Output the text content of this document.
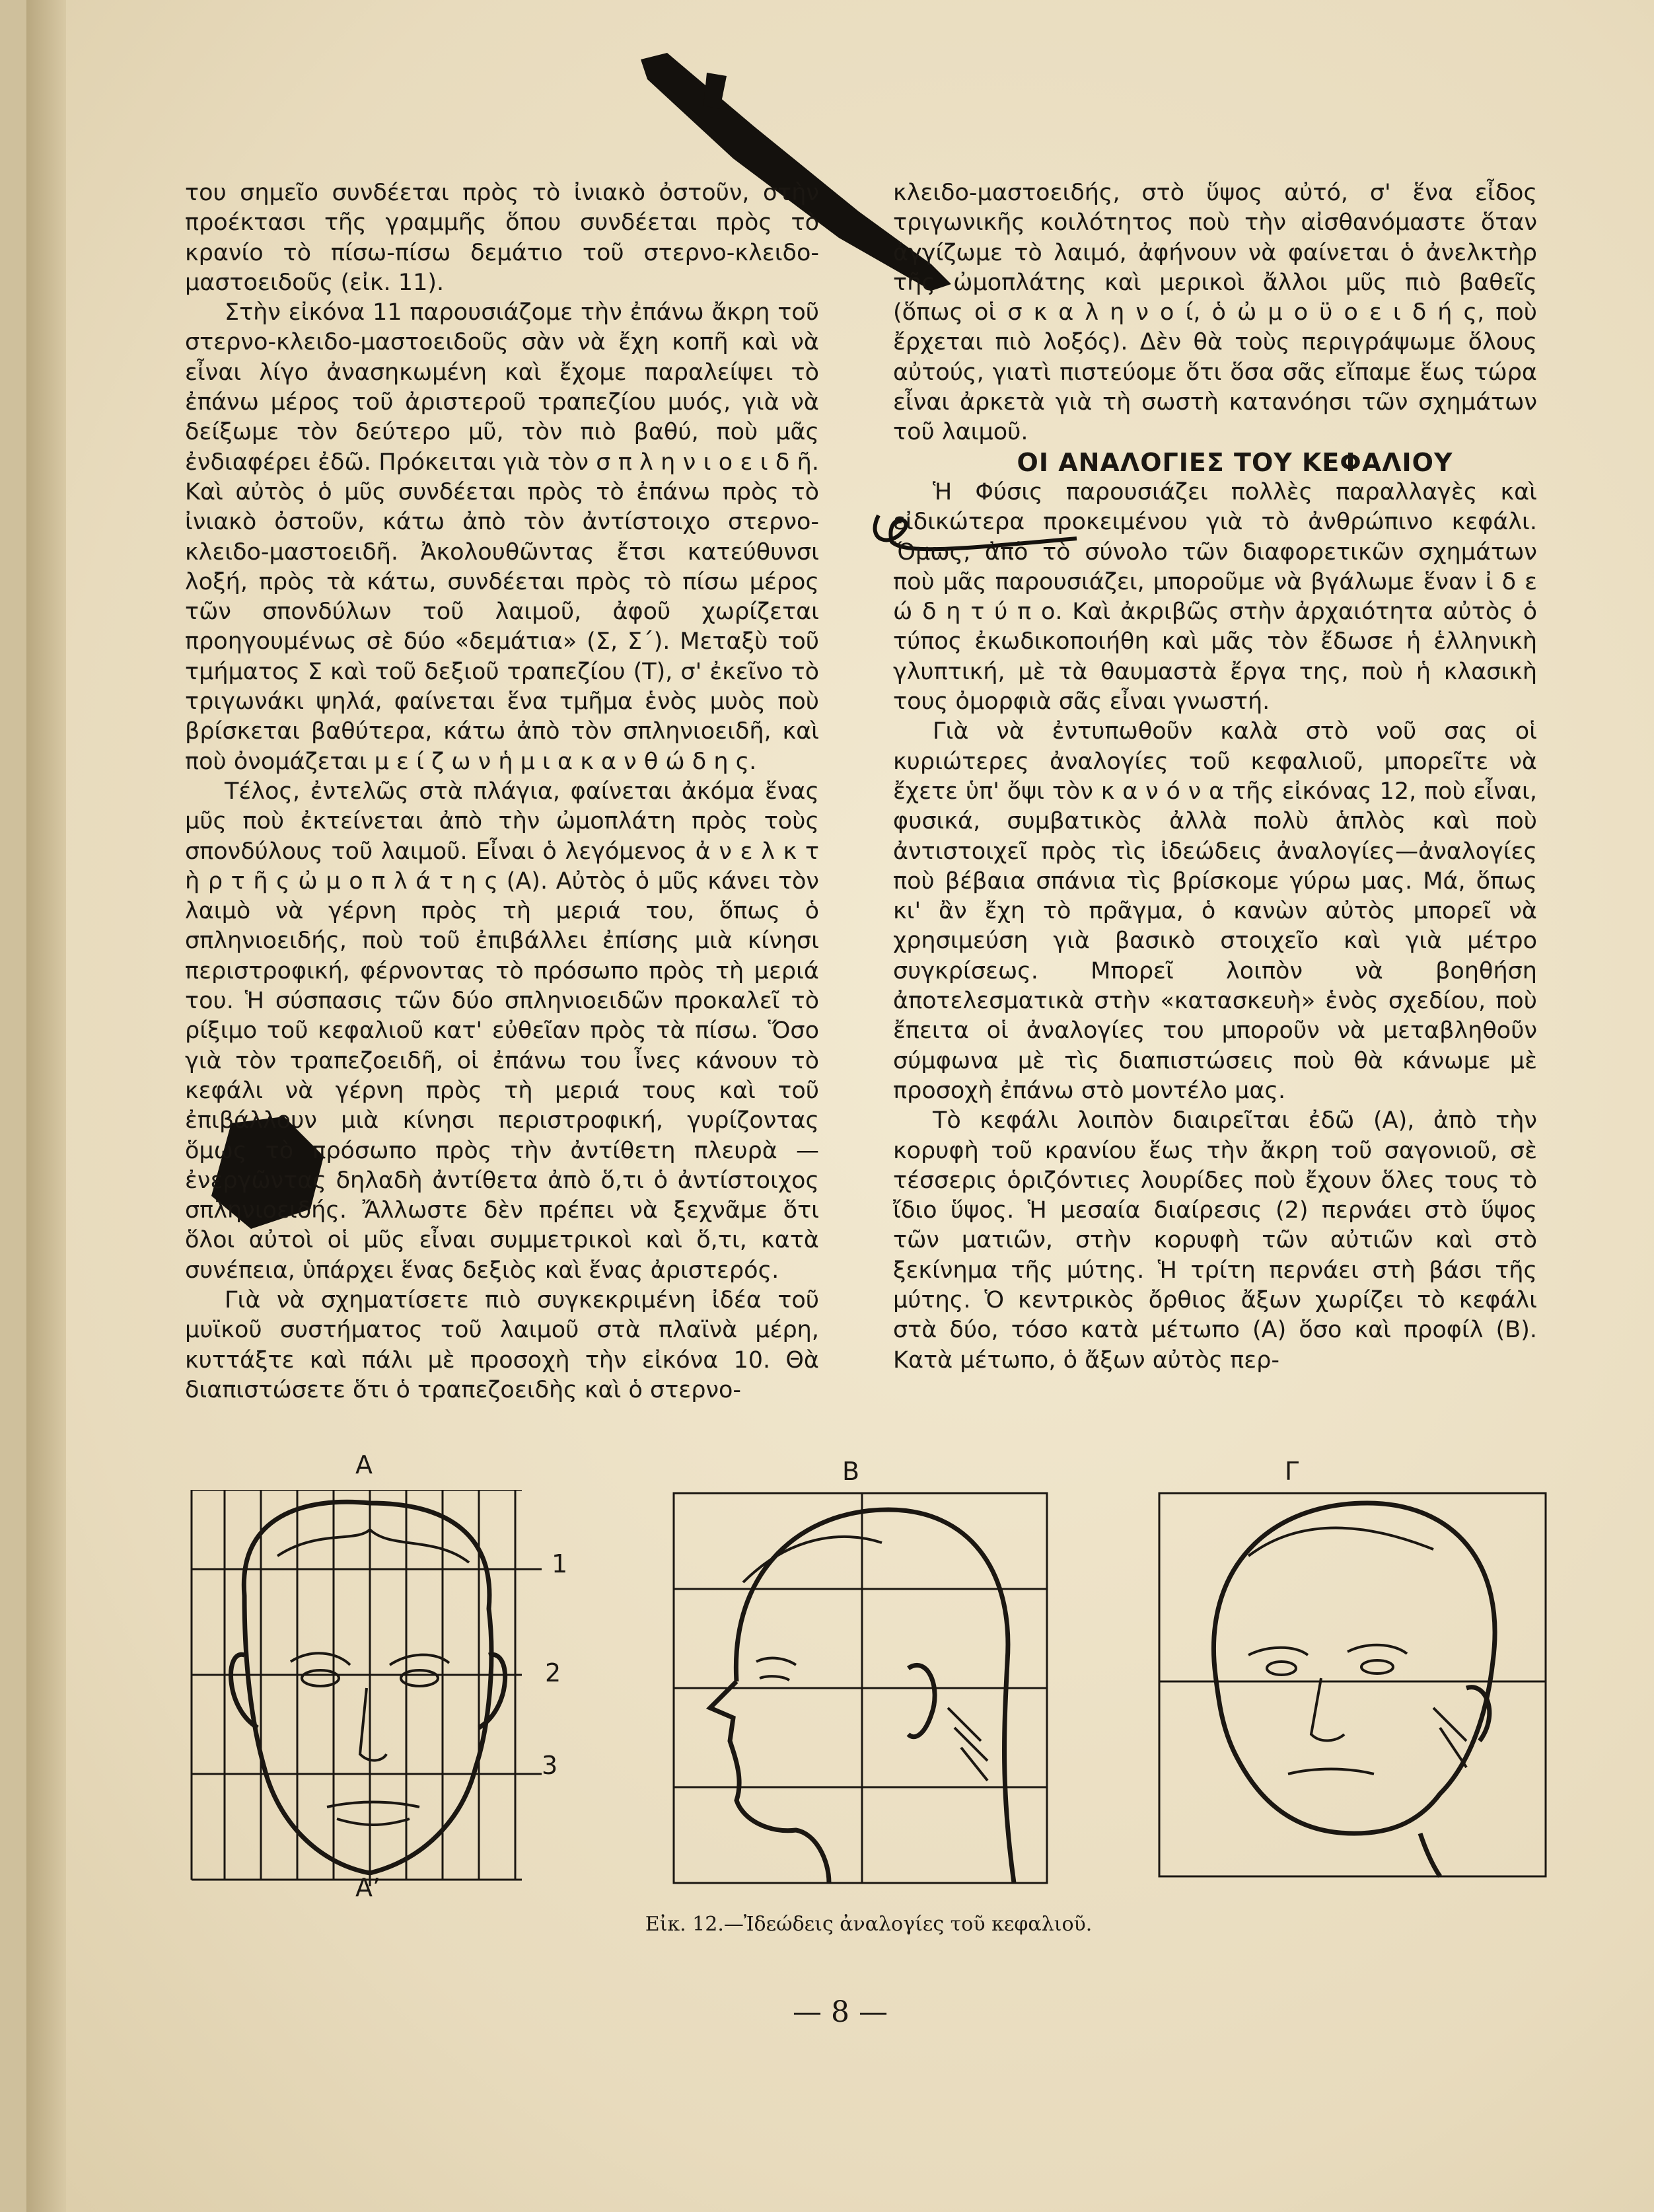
του σημεῖο συνδέεται πρὸς τὸ ἰνιακὸ ὀστοῦν, στὴν προέκτασι τῆς γραμμῆς ὅπου συνδέεται πρὸς τὸ κρανίο τὸ πίσω-πίσω δεμάτιο τοῦ στερνο-κλειδο-μαστοειδοῦς (εἰκ. 11).

Στὴν εἰκόνα 11 παρουσιάζομε τὴν ἐπάνω ἄκρη τοῦ στερνο-κλειδο-μαστοειδοῦς σὰν νὰ ἔχη κοπῆ καὶ νὰ εἶναι λίγο ἀνασηκωμένη καὶ ἔχομε παραλείψει τὸ ἐπάνω μέρος τοῦ ἀριστεροῦ τραπεζίου μυός, γιὰ νὰ δείξωμε τὸν δεύτερο μῦ, τὸν πιὸ βαθύ, ποὺ μᾶς ἐνδιαφέρει ἐδῶ. Πρόκειται γιὰ τὸν σ π λ η ν ι ο ε ι δ ῆ. Καὶ αὐτὸς ὁ μῦς συνδέεται πρὸς τὸ ἐπάνω πρὸς τὸ ἰνιακὸ ὀστοῦν, κάτω ἀπὸ τὸν ἀντίστοιχο στερνο-κλειδο-μαστοειδῆ. Ἀκολουθῶντας ἔτσι κατεύθυνσι λοξή, πρὸς τὰ κάτω, συνδέεται πρὸς τὸ πίσω μέρος τῶν σπονδύλων τοῦ λαιμοῦ, ἀφοῦ χωρίζεται προηγουμένως σὲ δύο «δεμάτια» (Σ, Σ΄). Μεταξὺ τοῦ τμήματος Σ καὶ τοῦ δεξιοῦ τραπεζίου (Τ), σ' ἐκεῖνο τὸ τριγωνάκι ψηλά, φαίνεται ἕνα τμῆμα ἑνὸς μυὸς ποὺ βρίσκεται βαθύτερα, κάτω ἀπὸ τὸν σπληνιοειδῆ, καὶ ποὺ ὀνομάζεται μ ε ί ζ ω ν ἡ μ ι α κ α ν θ ώ δ η ς.

Τέλος, ἐντελῶς στὰ πλάγια, φαίνεται ἀκόμα ἕνας μῦς ποὺ ἐκτείνεται ἀπὸ τὴν ὠμοπλάτη πρὸς τοὺς σπονδύλους τοῦ λαιμοῦ. Εἶναι ὁ λεγόμενος ἀ ν ε λ κ τ ὴ ρ τ ῆ ς ὠ μ ο π λ ά τ η ς (Α). Αὐτὸς ὁ μῦς κάνει τὸν λαιμὸ νὰ γέρνη πρὸς τὴ μεριά του, ὅπως ὁ σπληνιοειδής, ποὺ τοῦ ἐπιβάλλει ἐπίσης μιὰ κίνησι περιστροφική, φέρνοντας τὸ πρόσωπο πρὸς τὴ μεριά του. Ἡ σύσπασις τῶν δύο σπληνιοειδῶν προκαλεῖ τὸ ρίξιμο τοῦ κεφαλιοῦ κατ' εὐθεῖαν πρὸς τὰ πίσω. Ὅσο γιὰ τὸν τραπεζοειδῆ, οἱ ἐπάνω του ἶνες κάνουν τὸ κεφάλι νὰ γέρνη πρὸς τὴ μεριά τους καὶ τοῦ ἐπιβάλλουν μιὰ κίνησι περιστροφική, γυρίζοντας ὅμως τὸ πρόσωπο πρὸς τὴν ἀντίθετη πλευρὰ —ἐνεργῶντας δηλαδὴ ἀντίθετα ἀπὸ ὅ,τι ὁ ἀντίστοιχος σπληνιοειδής. Ἄλλωστε δὲν πρέπει νὰ ξεχνᾶμε ὅτι ὅλοι αὐτοὶ οἱ μῦς εἶναι συμμετρικοὶ καὶ ὅ,τι, κατὰ συνέπεια, ὑπάρχει ἕνας δεξιὸς καὶ ἕνας ἀριστερός.

Γιὰ νὰ σχηματίσετε πιὸ συγκεκριμένη ἰδέα τοῦ μυϊκοῦ συστήματος τοῦ λαιμοῦ στὰ πλαϊνὰ μέρη, κυττάξτε καὶ πάλι μὲ προσοχὴ τὴν εἰκόνα 10. Θὰ διαπιστώσετε ὅτι ὁ τραπεζοειδὴς καὶ ὁ στερνο-

κλειδο-μαστοειδής, στὸ ὕψος αὐτό, σ' ἕνα εἶδος τριγωνικῆς κοιλότητος ποὺ τὴν αἰσθανόμαστε ὅταν ἀγγίζωμε τὸ λαιμό, ἀφήνουν νὰ φαίνεται ὁ ἀνελκτὴρ τῆς ὠμοπλάτης καὶ μερικοὶ ἄλλοι μῦς πιὸ βαθεῖς (ὅπως οἱ σ κ α λ η ν ο ί, ὁ ὠ μ ο ϋ ο ε ι δ ή ς, ποὺ ἔρχεται πιὸ λοξός). Δὲν θὰ τοὺς περιγράψωμε ὅλους αὐτούς, γιατὶ πιστεύομε ὅτι ὅσα σᾶς εἴπαμε ἕως τώρα εἶναι ἀρκετὰ γιὰ τὴ σωστὴ κατανόησι τῶν σχημάτων τοῦ λαιμοῦ.

ΟΙ ΑΝΑΛΟΓΙΕΣ ΤΟΥ ΚΕΦΑΛΙΟΥ

Ἡ Φύσις παρουσιάζει πολλὲς παραλλαγὲς καὶ εἰδικώτερα προκειμένου γιὰ τὸ ἀνθρώπινο κεφάλι. Ὅμως, ἀπὸ τὸ σύνολο τῶν διαφορετικῶν σχημάτων ποὺ μᾶς παρουσιάζει, μποροῦμε νὰ βγάλωμε ἕναν ἰ δ ε ώ δ η τ ύ π ο. Καὶ ἀκριβῶς στὴν ἀρχαιότητα αὐτὸς ὁ τύπος ἐκωδικοποιήθη καὶ μᾶς τὸν ἔδωσε ἡ ἑλληνικὴ γλυπτική, μὲ τὰ θαυμαστὰ ἔργα της, ποὺ ἡ κλασικὴ τους ὀμορφιὰ σᾶς εἶναι γνωστή.

Γιὰ νὰ ἐντυπωθοῦν καλὰ στὸ νοῦ σας οἱ κυριώτερες ἀναλογίες τοῦ κεφαλιοῦ, μπορεῖτε νὰ ἔχετε ὑπ' ὄψι τὸν κ α ν ό ν α τῆς εἰκόνας 12, ποὺ εἶναι, φυσικά, συμβατικὸς ἀλλὰ πολὺ ἁπλὸς καὶ ποὺ ἀντιστοιχεῖ πρὸς τὶς ἰδεώδεις ἀναλογίες—ἀναλογίες ποὺ βέβαια σπάνια τὶς βρίσκομε γύρω μας. Μά, ὅπως κι' ἂν ἔχη τὸ πρᾶγμα, ὁ κανὼν αὐτὸς μπορεῖ νὰ χρησιμεύση γιὰ βασικὸ στοιχεῖο καὶ γιὰ μέτρο συγκρίσεως. Μπορεῖ λοιπὸν νὰ βοηθήση ἀποτελεσματικὰ στὴν «κατασκευὴ» ἑνὸς σχεδίου, ποὺ ἔπειτα οἱ ἀναλογίες του μποροῦν νὰ μεταβληθοῦν σύμφωνα μὲ τὶς διαπιστώσεις ποὺ θὰ κάνωμε μὲ προσοχὴ ἐπάνω στὸ μοντέλο μας.

Τὸ κεφάλι λοιπὸν διαιρεῖται ἐδῶ (Α), ἀπὸ τὴν κορυφὴ τοῦ κρανίου ἕως τὴν ἄκρη τοῦ σαγονιοῦ, σὲ τέσσερις ὁριζόντιες λουρίδες ποὺ ἔχουν ὅλες τους τὸ ἴδιο ὕψος. Ἡ μεσαία διαίρεσις (2) περνάει στὸ ὕψος τῶν ματιῶν, στὴν κορυφὴ τῶν αὐτιῶν καὶ στὸ ξεκίνημα τῆς μύτης. Ἡ τρίτη περνάει στὴ βάσι τῆς μύτης. Ὁ κεντρικὸς ὄρθιος ἄξων χωρίζει τὸ κεφάλι στὰ δύο, τόσο κατὰ μέτωπο (Α) ὅσο καὶ προφίλ (Β). Κατὰ μέτωπο, ὁ ἄξων αὐτὸς περ-

A
A’
1
2
3
B	Γ
Εἰκ. 12.—Ἰδεώδεις ἀναλογίες τοῦ κεφαλιοῦ.
— 8 —
